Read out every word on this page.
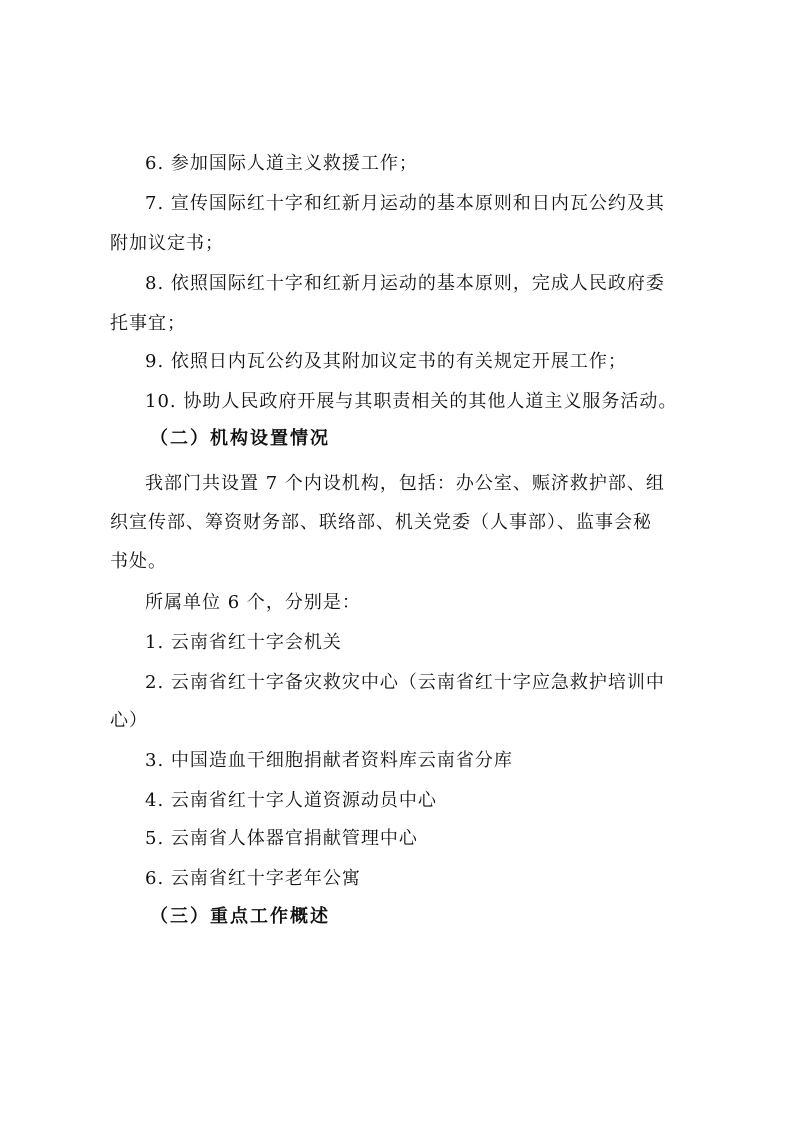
6. 参加国际人道主义救援工作；
7. 宣传国际红十字和红新月运动的基本原则和日内瓦公约及其
附加议定书；
8. 依照国际红十字和红新月运动的基本原则，完成人民政府委
托事宜；
9. 依照日内瓦公约及其附加议定书的有关规定开展工作；
10. 协助人民政府开展与其职责相关的其他人道主义服务活动。
（二）机构设置情况
我部门共设置 7 个内设机构，包括：办公室、赈济救护部、组
织宣传部、筹资财务部、联络部、机关党委（人事部）、监事会秘
书处。
所属单位 6 个，分别是：
1. 云南省红十字会机关
2. 云南省红十字备灾救灾中心（云南省红十字应急救护培训中
心）
3. 中国造血干细胞捐献者资料库云南省分库
4. 云南省红十字人道资源动员中心
5. 云南省人体器官捐献管理中心
6. 云南省红十字老年公寓
（三）重点工作概述
